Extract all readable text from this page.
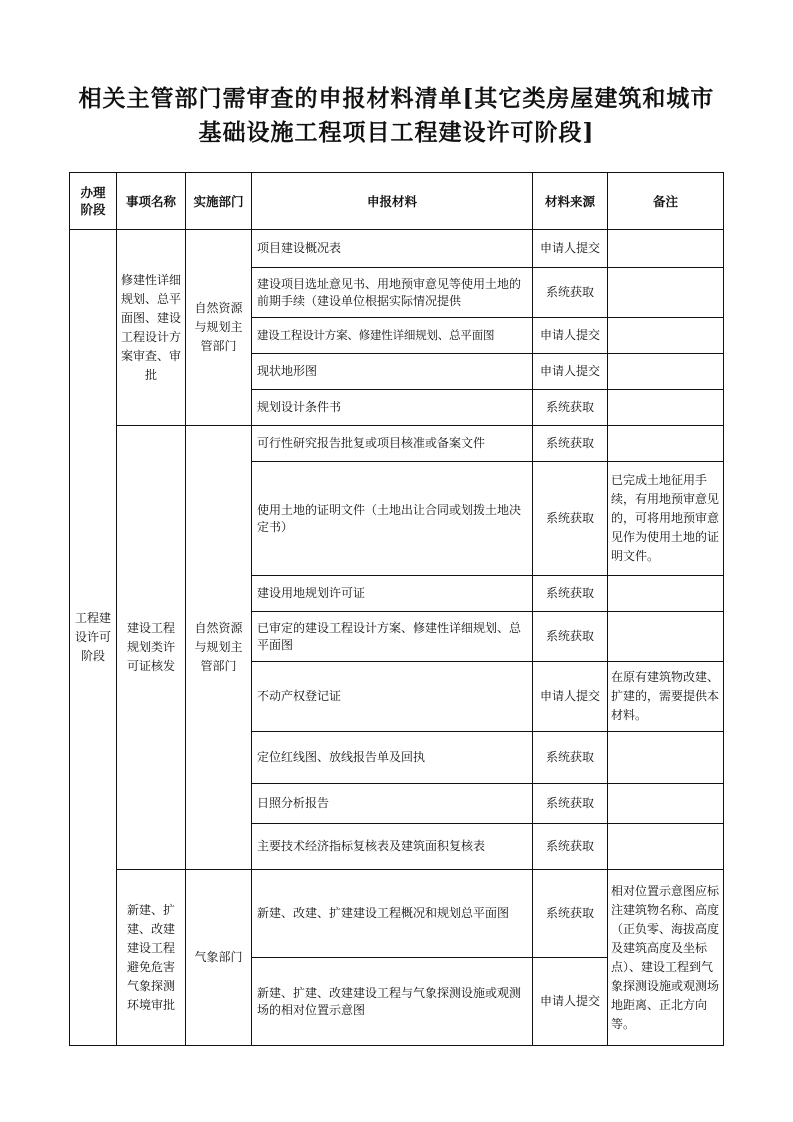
相关主管部门需审查的申报材料清单[其它类房屋建筑和城市
基础设施工程项目工程建设许可阶段]
办理阶段	事项名称	实施部门	申报材料	材料来源	备注
工程建设许可阶段	修建性详细规划、总平面图、建设工程设计方案审查、审批	自然资源与规划主管部门	项目建设概况表	申请人提交	
			建设项目选址意见书、用地预审意见等使用土地的前期手续（建设单位根据实际情况提供	系统获取	
			建设工程设计方案、修建性详细规划、总平面图	申请人提交	
			现状地形图	申请人提交	
			规划设计条件书	系统获取	
	建设工程规划类许可证核发	自然资源与规划主管部门	可行性研究报告批复或项目核准或备案文件	系统获取	
			使用土地的证明文件（土地出让合同或划拨土地决定书）	系统获取	已完成土地征用手续，有用地预审意见的，可将用地预审意见作为使用土地的证明文件。
			建设用地规划许可证	系统获取	
			已审定的建设工程设计方案、修建性详细规划、总平面图	系统获取	
			不动产权登记证	申请人提交	在原有建筑物改建、扩建的，需要提供本材料。
			定位红线图、放线报告单及回执	系统获取	
			日照分析报告	系统获取	
			主要技术经济指标复核表及建筑面积复核表	系统获取	
	新建、扩建、改建建设工程避免危害气象探测环境审批	气象部门	新建、改建、扩建建设工程概况和规划总平面图	系统获取	相对位置示意图应标注建筑物名称、高度（正负零、海拔高度及建筑高度及坐标点）、建设工程到气象探测设施或观测场地距离、正北方向等。
			新建、扩建、改建建设工程与气象探测设施或观测场的相对位置示意图	申请人提交	
